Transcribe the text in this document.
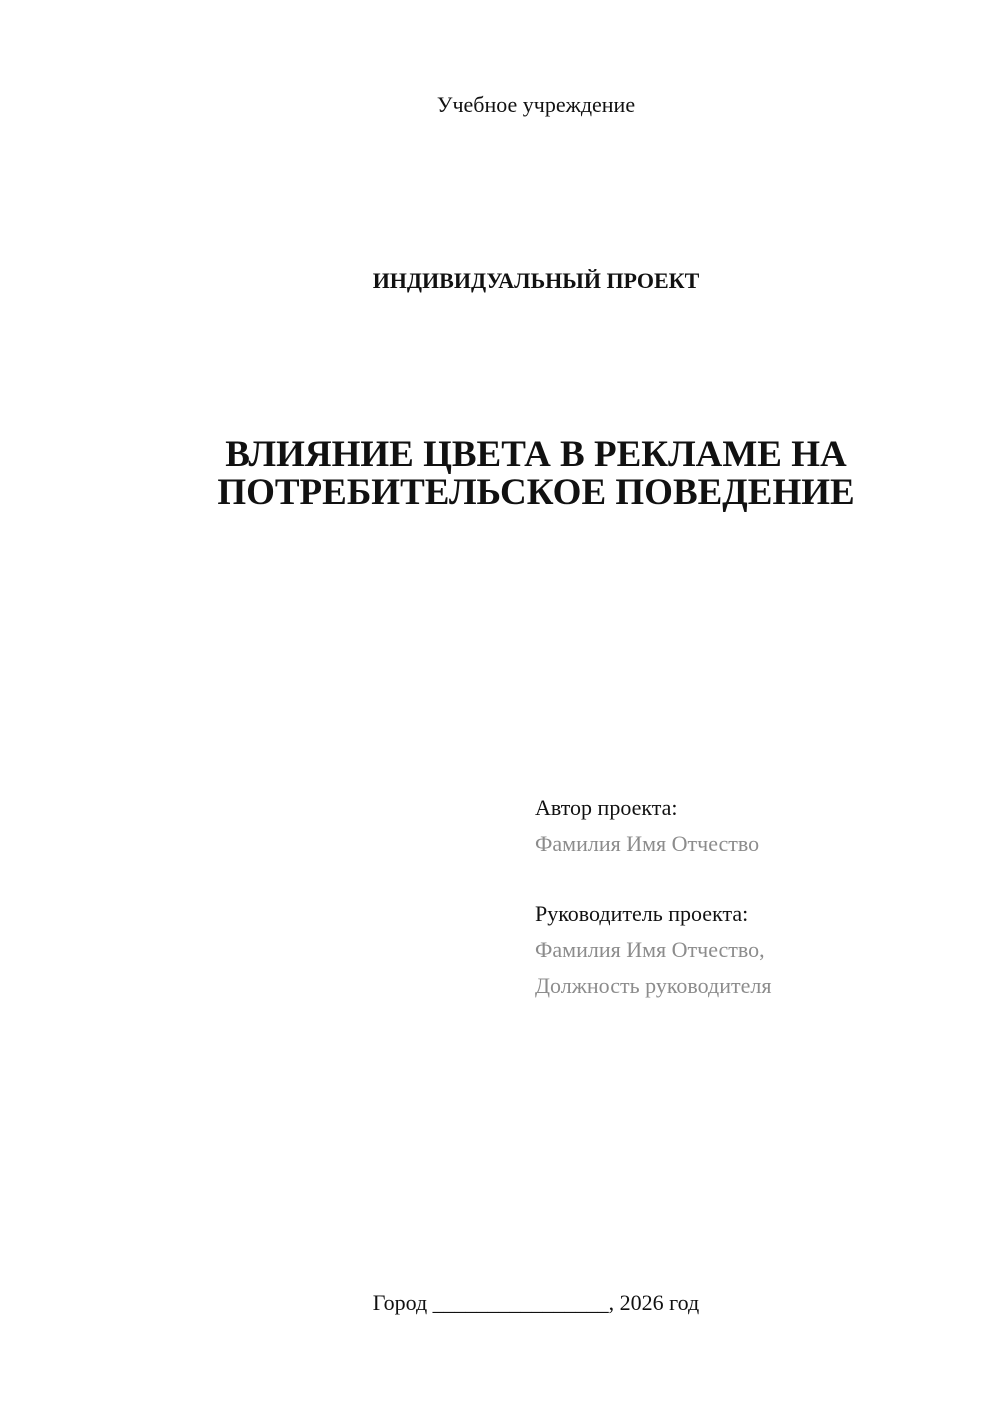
Учебное учреждение
ИНДИВИДУАЛЬНЫЙ ПРОЕКТ
ВЛИЯНИЕ ЦВЕТА В РЕКЛАМЕ НА
ПОТРЕБИТЕЛЬСКОЕ ПОВЕДЕНИЕ
Автор проекта:
Фамилия Имя Отчество
Руководитель проекта:
Фамилия Имя Отчество,
Должность руководителя
Город ________________, 2026 год
